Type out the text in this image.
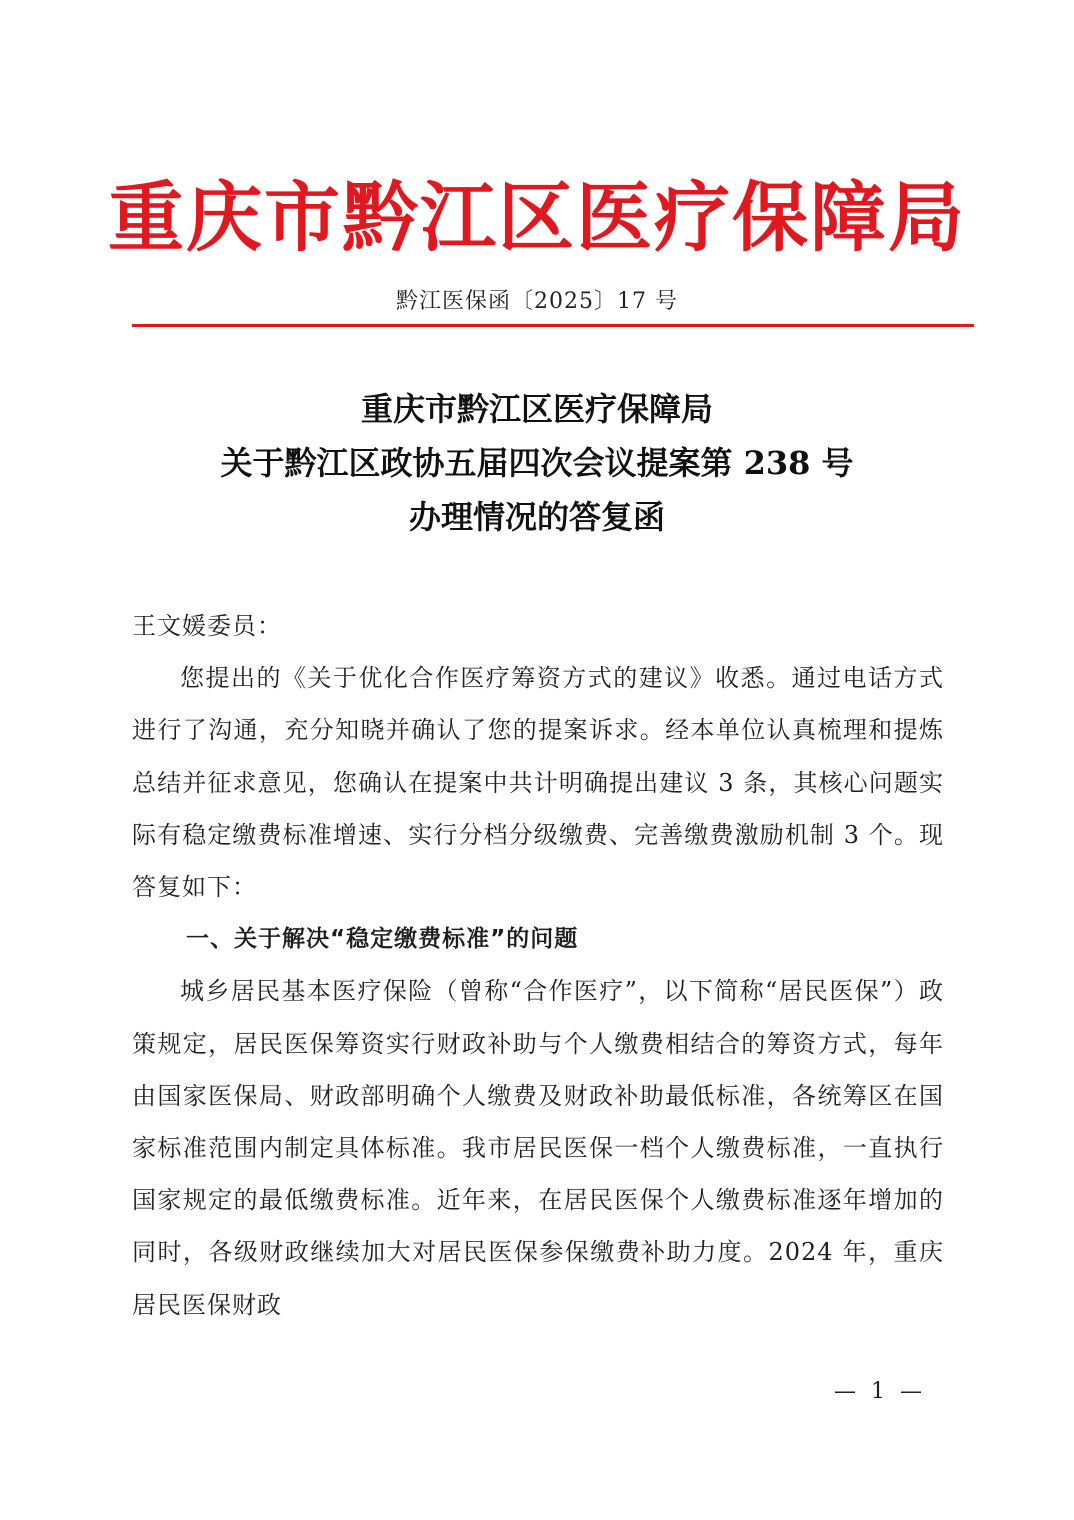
重庆市黔江区医疗保障局
黔江医保函〔2025〕17 号
重庆市黔江区医疗保障局
关于黔江区政协五届四次会议提案第 238 号
办理情况的答复函
王文媛委员：
您提出的《关于优化合作医疗筹资方式的建议》收悉。通过电话方式进行了沟通，充分知晓并确认了您的提案诉求。经本单位认真梳理和提炼总结并征求意见，您确认在提案中共计明确提出建议 3 条，其核心问题实际有稳定缴费标准增速、实行分档分级缴费、完善缴费激励机制 3 个。现答复如下：
一、关于解决“稳定缴费标准”的问题
城乡居民基本医疗保险（曾称“合作医疗”，以下简称“居民医保”）政策规定，居民医保筹资实行财政补助与个人缴费相结合的筹资方式，每年由国家医保局、财政部明确个人缴费及财政补助最低标准，各统筹区在国家标准范围内制定具体标准。我市居民医保一档个人缴费标准，一直执行国家规定的最低缴费标准。近年来，在居民医保个人缴费标准逐年增加的同时，各级财政继续加大对居民医保参保缴费补助力度。2024 年，重庆居民医保财政
— 1 —
